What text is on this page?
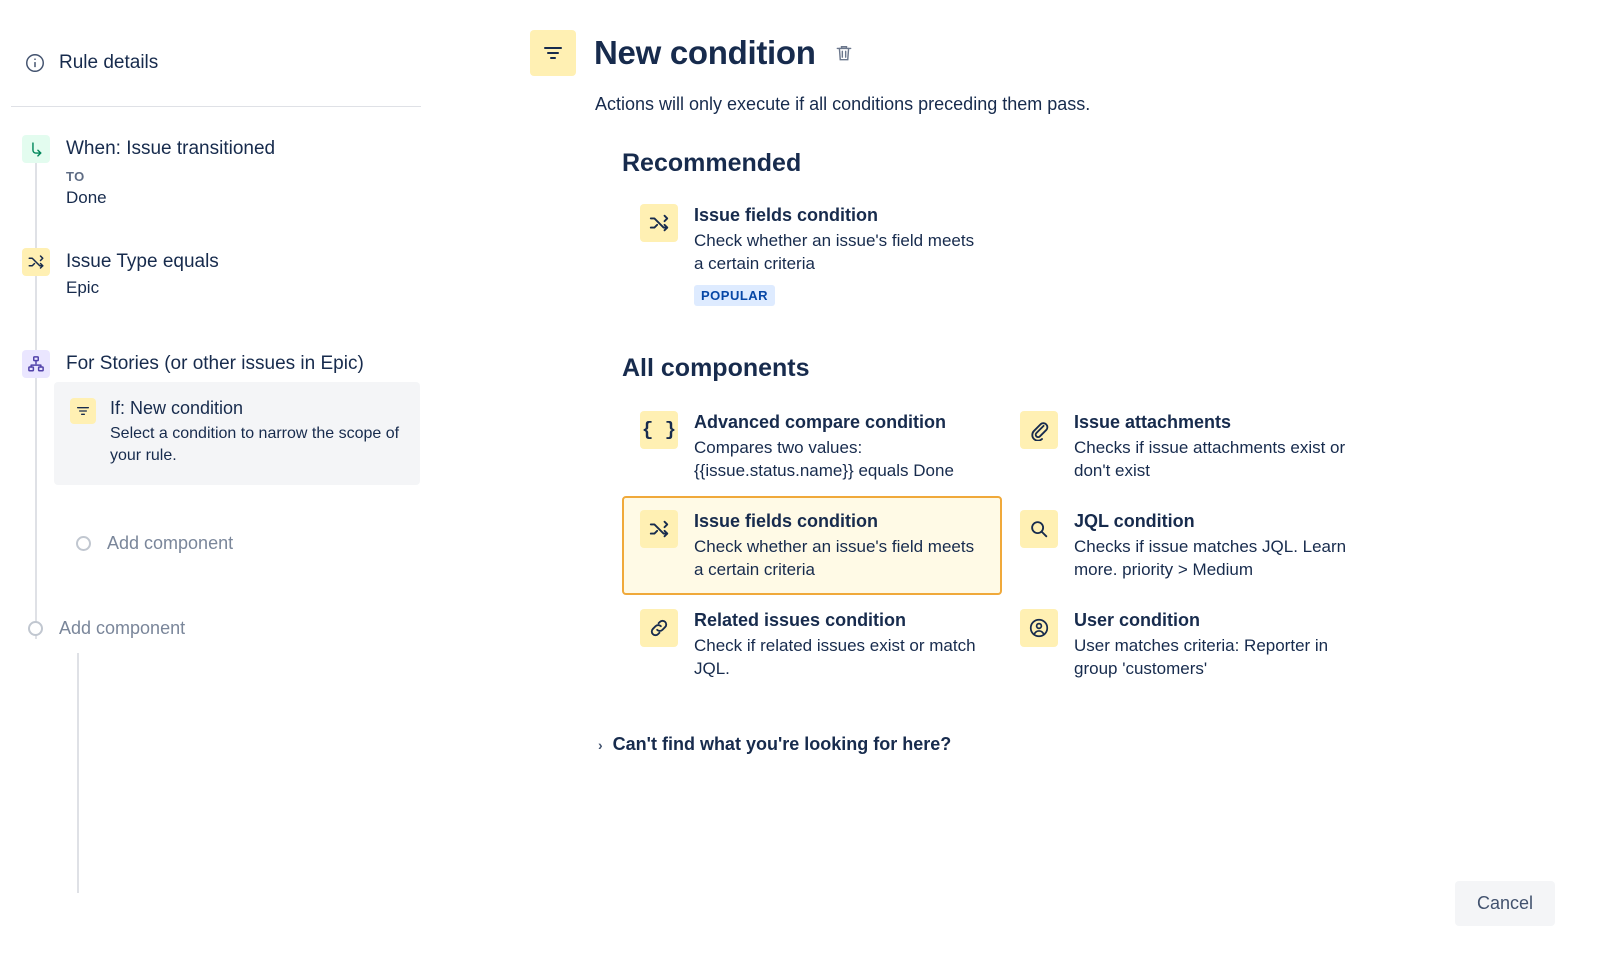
Rule details
When: Issue transitioned
TO
Done
Issue Type equals
Epic
For Stories (or other issues in Epic)
If: New condition
Select a condition to narrow the scope of your rule.
Add component
Add component
New condition
Actions will only execute if all conditions preceding them pass.
Recommended
Issue fields condition
Check whether an issue's field meets a certain criteria
POPULAR
All components
{ } Advanced compare condition
Compares two values: {{issue.status.name}} equals Done
Issue attachments
Checks if issue attachments exist or don't exist
Issue fields condition
Check whether an issue's field meets a certain criteria
JQL condition
Checks if issue matches JQL. Learn more. priority > Medium
Related issues condition
Check if related issues exist or match JQL.
User condition
User matches criteria: Reporter in group 'customers'
› Can't find what you're looking for here?
Cancel
